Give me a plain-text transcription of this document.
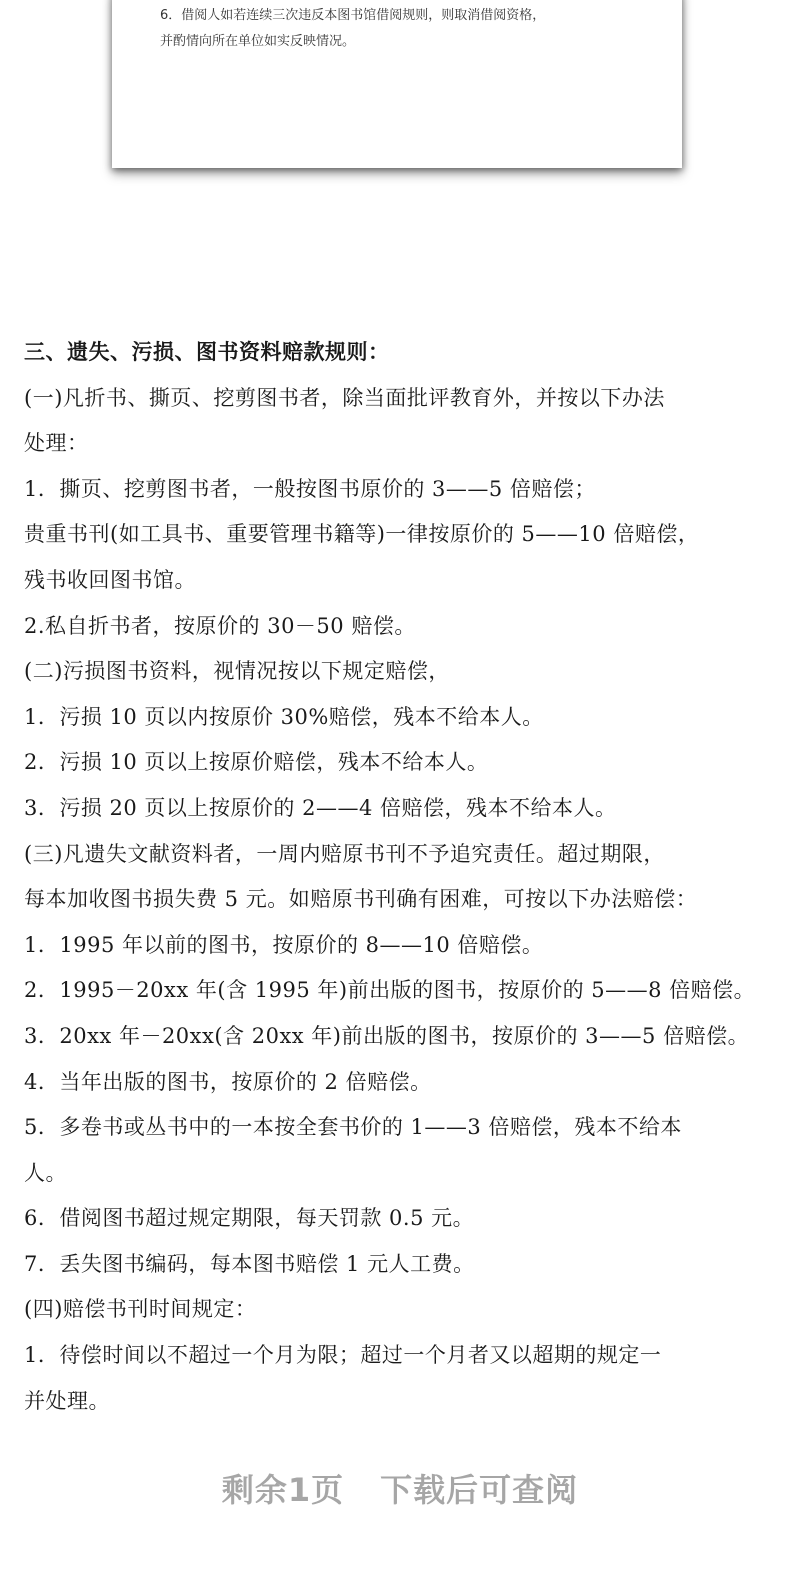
6．借阅人如若连续三次违反本图书馆借阅规则，则取消借阅资格，
并酌情向所在单位如实反映情况。
三、遗失、污损、图书资料赔款规则：
(一)凡折书、撕页、挖剪图书者，除当面批评教育外，并按以下办法
处理：
1．撕页、挖剪图书者，一般按图书原价的 3——5 倍赔偿；
贵重书刊(如工具书、重要管理书籍等)一律按原价的 5——10 倍赔偿，
残书收回图书馆。
2.私自折书者，按原价的 30－50 赔偿。
(二)污损图书资料，视情况按以下规定赔偿，
1．污损 10 页以内按原价 30%赔偿，残本不给本人。
2．污损 10 页以上按原价赔偿，残本不给本人。
3．污损 20 页以上按原价的 2——4 倍赔偿，残本不给本人。
(三)凡遗失文献资料者，一周内赔原书刊不予追究责任。超过期限，
每本加收图书损失费 5 元。如赔原书刊确有困难，可按以下办法赔偿：
1．1995 年以前的图书，按原价的 8——10 倍赔偿。
2．1995－20xx 年(含 1995 年)前出版的图书，按原价的 5——8 倍赔偿。
3．20xx 年－20xx(含 20xx 年)前出版的图书，按原价的 3——5 倍赔偿。
4．当年出版的图书，按原价的 2 倍赔偿。
5．多卷书或丛书中的一本按全套书价的 1——3 倍赔偿，残本不给本
人。
6．借阅图书超过规定期限，每天罚款 0.5 元。
7．丢失图书编码，每本图书赔偿 1 元人工费。
(四)赔偿书刊时间规定：
1．待偿时间以不超过一个月为限；超过一个月者又以超期的规定一
并处理。
剩余1页 下载后可查阅
